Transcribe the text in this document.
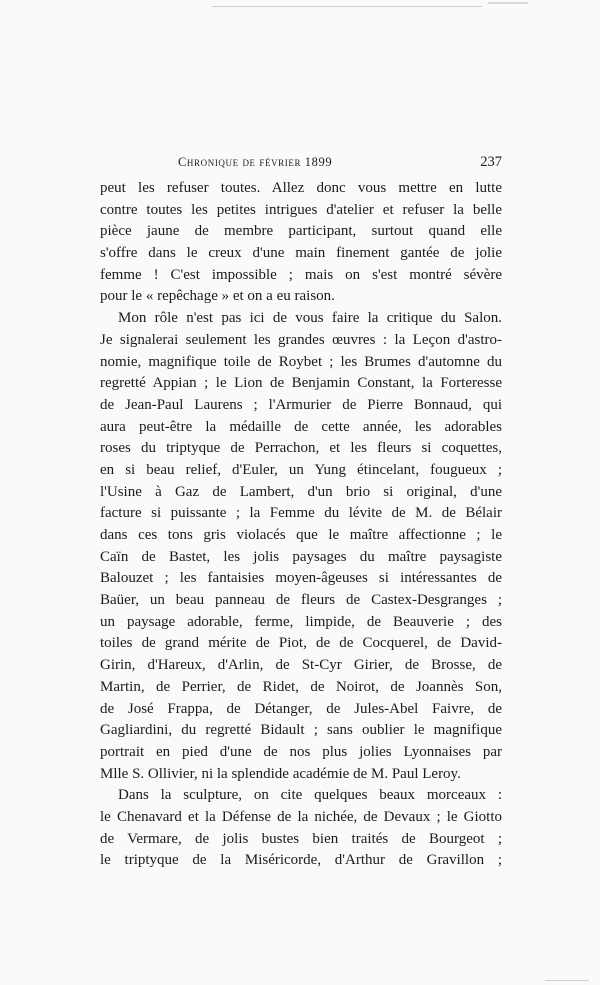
Chronique de février 1899	237
peut les refuser toutes. Allez donc vous mettre en lutte
contre toutes les petites intrigues d'atelier et refuser la belle
pièce jaune de membre participant, surtout quand elle
s'offre dans le creux d'une main finement gantée de jolie
femme ! C'est impossible ; mais on s'est montré sévère
pour le « repêchage » et on a eu raison.
Mon rôle n'est pas ici de vous faire la critique du Salon.
Je signalerai seulement les grandes œuvres : la Leçon d'astro-
nomie, magnifique toile de Roybet ; les Brumes d'automne du
regretté Appian ; le Lion de Benjamin Constant, la Forteresse
de Jean-Paul Laurens ; l'Armurier de Pierre Bonnaud, qui
aura peut-être la médaille de cette année, les adorables
roses du triptyque de Perrachon, et les fleurs si coquettes,
en si beau relief, d'Euler, un Yung étincelant, fougueux ;
l'Usine à Gaz de Lambert, d'un brio si original, d'une
facture si puissante ; la Femme du lévite de M. de Bélair
dans ces tons gris violacés que le maître affectionne ; le
Caïn de Bastet, les jolis paysages du maître paysagiste
Balouzet ; les fantaisies moyen-âgeuses si intéressantes de
Baüer, un beau panneau de fleurs de Castex-Desgranges ;
un paysage adorable, ferme, limpide, de Beauverie ; des
toiles de grand mérite de Piot, de de Cocquerel, de David-
Girin, d'Hareux, d'Arlin, de St-Cyr Girier, de Brosse, de
Martin, de Perrier, de Ridet, de Noirot, de Joannès Son,
de José Frappa, de Détanger, de Jules-Abel Faivre, de
Gagliardini, du regretté Bidault ; sans oublier le magnifique
portrait en pied d'une de nos plus jolies Lyonnaises par
Mlle S. Ollivier, ni la splendide académie de M. Paul Leroy.
Dans la sculpture, on cite quelques beaux morceaux :
le Chenavard et la Défense de la nichée, de Devaux ; le Giotto
de Vermare, de jolis bustes bien traités de Bourgeot ;
le triptyque de la Miséricorde, d'Arthur de Gravillon ;
